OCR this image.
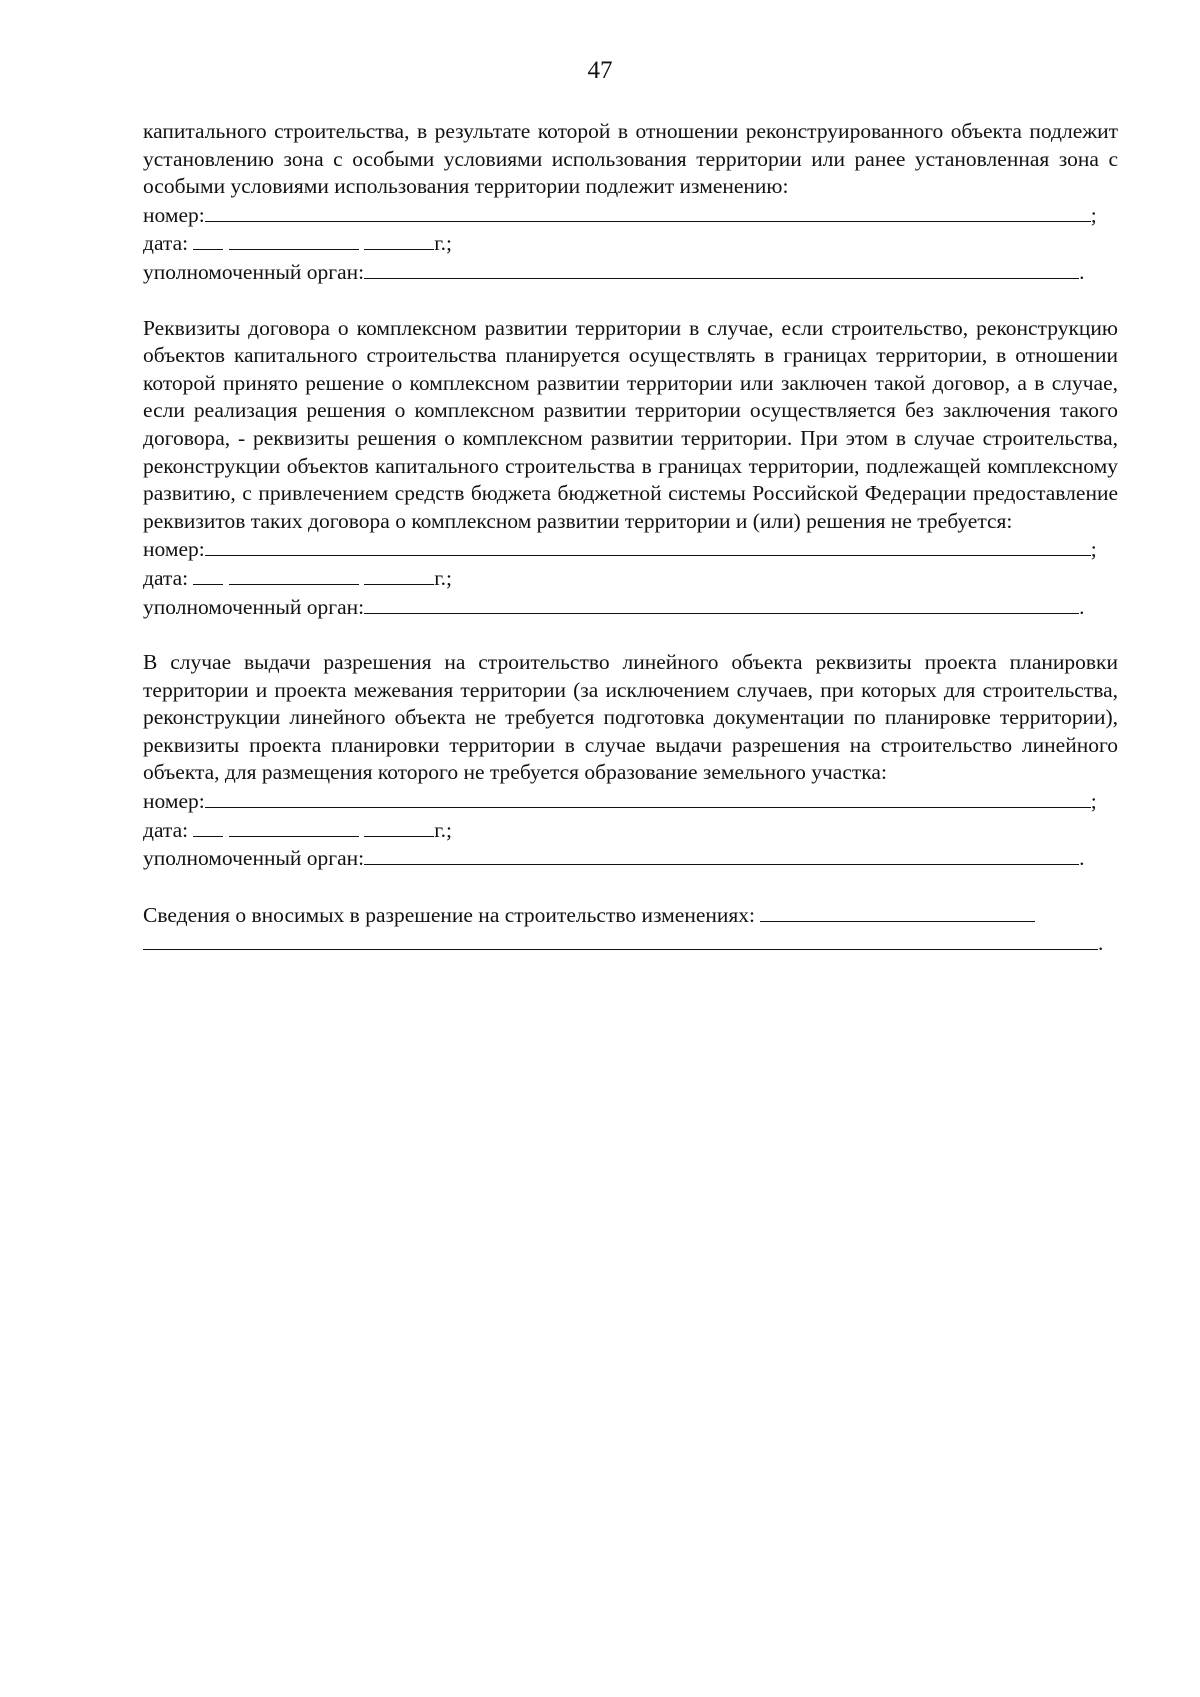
47

капитального строительства, в результате которой в отношении реконструированного объекта подлежит установлению зона с особыми условиями использования территории или ранее установленная зона с особыми условиями использования территории подлежит изменению:

номер:	;

дата:	г.;

уполномоченный орган:	.

Реквизиты договора о комплексном развитии территории в случае, если строительство, реконструкцию объектов капитального строительства планируется осуществлять в границах территории, в отношении которой принято решение о комплексном развитии территории или заключен такой договор, а в случае, если реализация решения о комплексном развитии территории осуществляется без заключения такого договора, - реквизиты решения о комплексном развитии территории. При этом в случае строительства, реконструкции объектов капитального строительства в границах территории, подлежащей комплексному развитию, с привлечением средств бюджета бюджетной системы Российской Федерации предоставление реквизитов таких договора о комплексном развитии территории и (или) решения не требуется:

номер:	;

дата:	г.;

уполномоченный орган:	.

В случае выдачи разрешения на строительство линейного объекта реквизиты проекта планировки территории и проекта межевания территории (за исключением случаев, при которых для строительства, реконструкции линейного объекта не требуется подготовка документации по планировке территории), реквизиты проекта планировки территории в случае выдачи разрешения на строительство линейного объекта, для размещения которого не требуется образование земельного участка:

номер:	;

дата:	г.;

уполномоченный орган:	.

Сведения о вносимых в разрешение на строительство изменениях:

.
